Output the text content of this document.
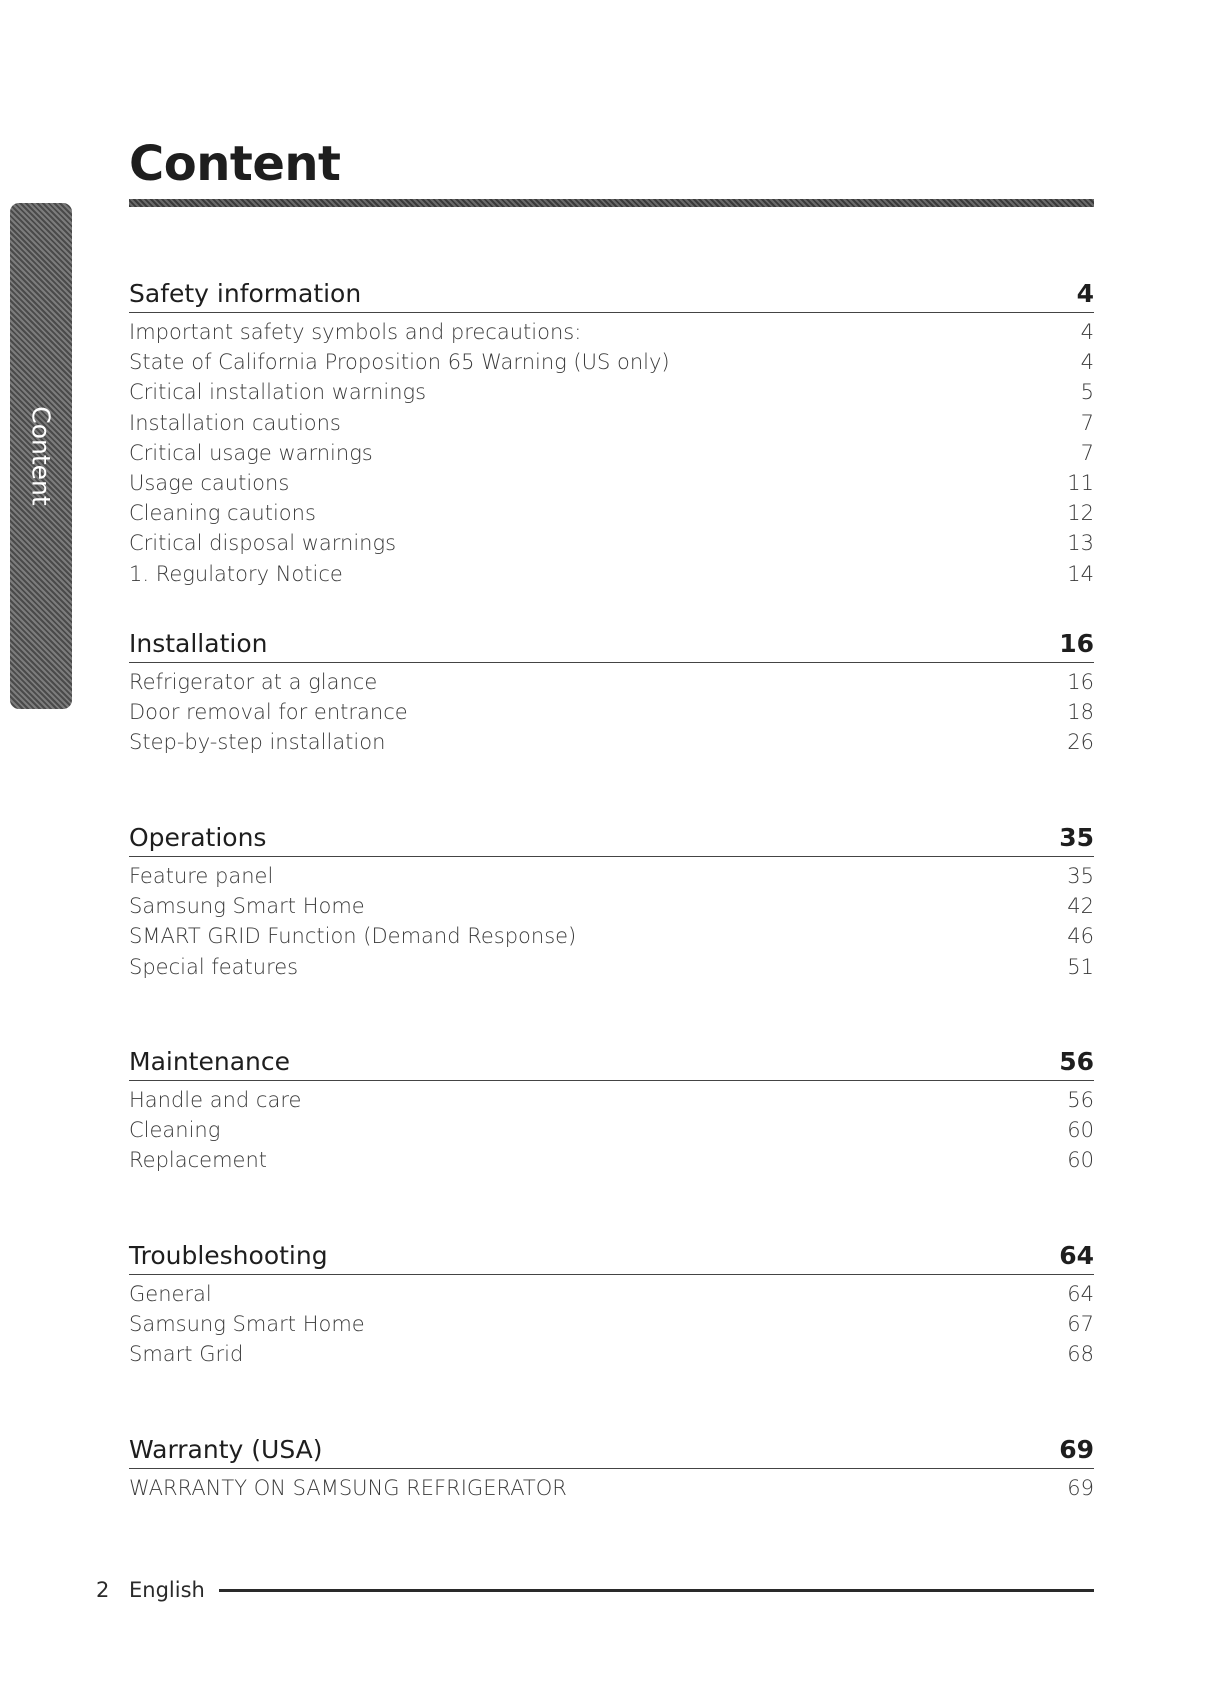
Content
Content
Safety information	4
Important safety symbols and precautions:	4
State of California Proposition 65 Warning (US only)	4
Critical installation warnings	5
Installation cautions	7
Critical usage warnings	7
Usage cautions	11
Cleaning cautions	12
Critical disposal warnings	13
1. Regulatory Notice	14
Installation	16
Refrigerator at a glance	16
Door removal for entrance	18
Step-by-step installation	26
Operations	35
Feature panel	35
Samsung Smart Home	42
SMART GRID Function (Demand Response)	46
Special features	51
Maintenance	56
Handle and care	56
Cleaning	60
Replacement	60
Troubleshooting	64
General	64
Samsung Smart Home	67
Smart Grid	68
Warranty (USA)	69
WARRANTY ON SAMSUNG REFRIGERATOR	69
2 English
